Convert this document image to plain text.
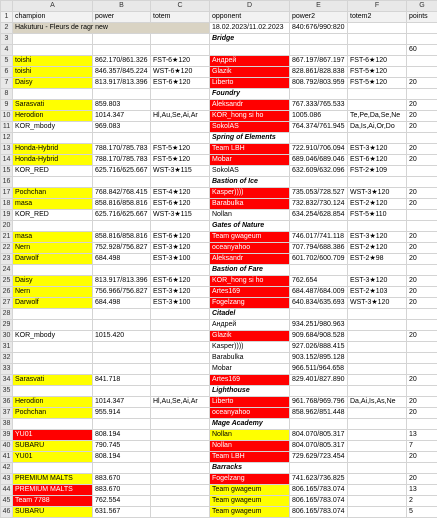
	A	B	C	D	E	F	G
1	champion	power	totem	opponent	power2	totem2	points
2	Hakuturu - Fleurs de ragr new			18.02.2023/11.02.2023	840:676/990:820		
3				Bridge			
4							60
5	toishi	862.170/861.326	FST-6★120	Андрей	867.197/867.197	FST-6★120	
6	toishi	846.357/845.224	WST-6★120	Glazik	828.861/828.838	FST-5★120	
7	Daisy	813.917/813.396	EST-6★120	Liberto	808.792/803.959	FST-5★120	20
8				Foundry			
9	Sarasvati	859.803		Aleksandr	767.333/765.533		20
10	Herodion	1014.347	Hl,Au,Se,Ai,Ar	KOR_hong si ho	1005.086	Te,Pe,Da,Se,Ne	20
11	KOR_mbody	969.083		SokolAS	764.374/761.945	Da,Is,Ai,Or,Do	20
12				Spring of Elements			
13	Honda-Hybrid	788.170/785.783	FST-5★120	Team LBH	722.910/706.094	EST-3★120	20
14	Honda-Hybrid	788.170/785.783	FST-5★120	Mobar	689.046/689.046	EST-6★120	20
15	KOR_RED	625.716/625.667	WST-3★115	SokolAS	632.609/632.096	FST-2★109	
16				Bastion of Ice			
17	Pochchan	768.842/768.415	EST-4★120	Kasper))))	735.053/728.527	WST-3★120	20
18	masa	858.816/858.816	EST-6★120	Barabulka	732.832/730.124	EST-2★120	20
19	KOR_RED	625.716/625.667	WST-3★115	Nollan	634.254/628.854	FST-5★110	
20				Gates of Nature			
21	masa	858.816/858.816	EST-6★120	Team gwageum	746.017/741.118	EST-3★120	20
22	Nern	752.928/756.827	EST-3★120	oceanyahoo	707.794/688.386	EST-2★120	20
23	Darwolf	684.498	EST-3★100	Aleksandr	601.702/600.709	EST-2★98	20
24				Bastion of Fare			
25	Daisy	813.917/813.396	EST-6★120	KOR_hong si ho	762.654	EST-3★120	20
26	Nern	756.966/756.827	EST-3★120	Artes169	684.487/684.009	EST-2★103	20
27	Darwolf	684.498	EST-3★100	Fogelzang	640.834/635.693	WST-3★120	20
28				Citadel			
29				Андрей	934.251/980.963		
30	KOR_mbody	1015.420		Glazik	909.684/908.528		20
31				Kasper))))	927.026/888.415		
32				Barabulka	903.152/895.128		
33				Mobar	966.511/964.658		
34	Sarasvati	841.718		Artes169	829.401/827.890		20
35				Lighthouse			
36	Herodion	1014.347	Hl,Au,Se,Ai,Ar	Liberto	961.768/969.796	Da,Ai,Is,As,Ne	20
37	Pochchan	955.914		oceanyahoo	858.962/851.448		20
38				Mage Academy			
39	YU01	808.194		Nollan	804.070/805.317		13
40	SUBARU	790.745		Nollan	804.070/805.317		7
41	YU01	808.194		Team LBH	729.629/723.454		20
42				Barracks			
43	PREMIUM MALTS	883.670		Fogelzang	741.623/736.825		20
44	PREMIUM MALTS	883.670		Team gwageum	806.165/783.074		13
45	Team 7788	762.554		Team gwageum	806.165/783.074		2
46	SUBARU	631.567		Team gwageum	806.165/783.074		5
